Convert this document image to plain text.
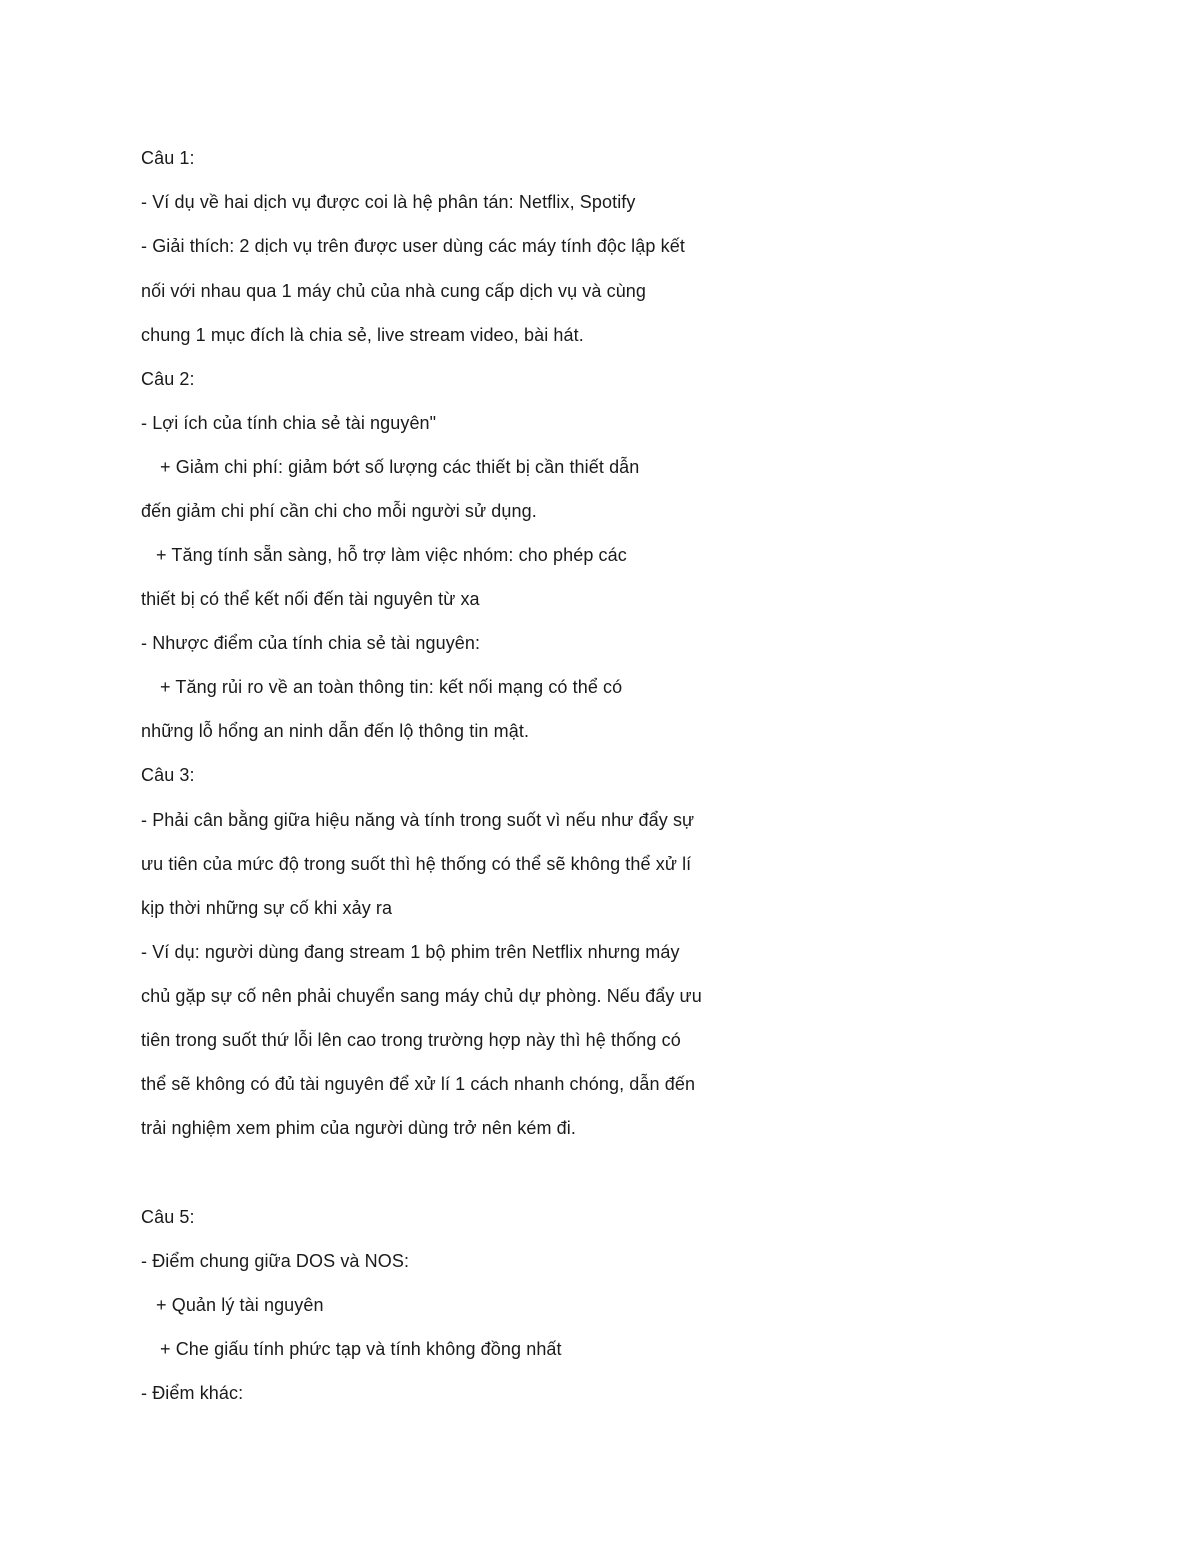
Câu 1:
- Ví dụ về hai dịch vụ được coi là hệ phân tán: Netflix, Spotify
- Giải thích: 2 dịch vụ trên được user dùng các máy tính độc lập kết
nối với nhau qua 1 máy chủ của nhà cung cấp dịch vụ và cùng
chung 1 mục đích là chia sẻ, live stream video, bài hát.
Câu 2:
- Lợi ích của tính chia sẻ tài nguyên"
+ Giảm chi phí: giảm bớt số lượng các thiết bị cần thiết dẫn
đến giảm chi phí cần chi cho mỗi người sử dụng.
+ Tăng tính sẵn sàng, hỗ trợ làm việc nhóm: cho phép các
thiết bị có thể kết nối đến tài nguyên từ xa
- Nhược điểm của tính chia sẻ tài nguyên:
+ Tăng rủi ro về an toàn thông tin: kết nối mạng có thể có
những lỗ hổng an ninh dẫn đến lộ thông tin mật.
Câu 3:
- Phải cân bằng giữa hiệu năng và tính trong suốt vì nếu như đẩy sự
ưu tiên của mức độ trong suốt thì hệ thống có thể sẽ không thể xử lí
kịp thời những sự cố khi xảy ra
- Ví dụ: người dùng đang stream 1 bộ phim trên Netflix nhưng máy
chủ gặp sự cố nên phải chuyển sang máy chủ dự phòng. Nếu đẩy ưu
tiên trong suốt thứ lỗi lên cao trong trường hợp này thì hệ thống có
thể sẽ không có đủ tài nguyên để xử lí 1 cách nhanh chóng, dẫn đến
trải nghiệm xem phim của người dùng trở nên kém đi.
Câu 5:
- Điểm chung giữa DOS và NOS:
+ Quản lý tài nguyên
+ Che giấu tính phức tạp và tính không đồng nhất
- Điểm khác:
